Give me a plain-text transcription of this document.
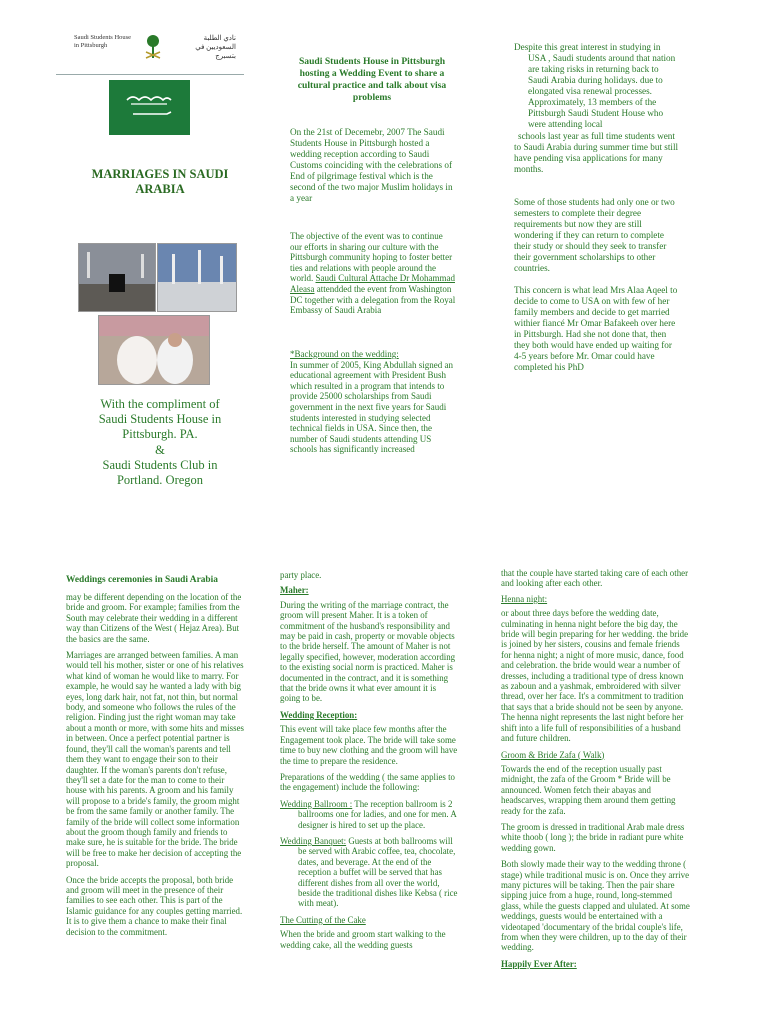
Saudi Students House in Pittsburgh
نادي الطلبة السعوديين في بتسبرج
MARRIAGES IN SAUDI ARABIA
With the compliment of
Saudi Students House in
Pittsburgh. PA.
&
Saudi Students Club in
Portland. Oregon
Saudi Students House in Pittsburgh hosting a Wedding Event to share a cultural practice and talk about visa problems
On the 21st of Decemebr, 2007 The Saudi Students House in Pittsburgh hosted a wedding reception according to Saudi Customs coinciding with the celebrations of End of pilgrimage festival which is the second of the two major Muslim holidays in a year
The objective of the event was to continue our efforts in sharing our culture with the Pittsburgh community hoping to foster better ties and relations with people around the world. Saudi Cultural Attache Dr Mohammad Aleasa attendded the event from Washington DC together with a delegation from the Royal Embassy of Saudi Arabia
*Background on the wedding:
In summer of 2005, King Abdullah signed an educational agreement with President Bush which resulted in a program that intends to provide 25000 scholarships from Saudi government in the next five years for Saudi students interested in studying selected technical fields in USA. Since then, the number of Saudi students attending US schools has significantly increased

Despite this great interest in studying in USA , Saudi students around that nation are taking risks in returning back to Saudi Arabia during holidays. due to elongated visa renewal processes. Approximately, 13 members of the Pittsburgh Saudi Student House who were attending local

schools last year as full time students went to Saudi Arabia during summer time but still have pending visa applications for many months.

Some of those students had only one or two semesters to complete their degree requirements but now they are still wondering if they can return to complete their study or should they seek to transfer their government scholarships to other countries.

This concern is what lead Mrs Alaa Aqeel to decide to come to USA on with few of her family members and decide to get married withier fiancé Mr Omar Bafakeeh over here in Pittsburgh. Had she not done that, then they both would have ended up waiting for 4-5 years before Mr. Omar could have completed his PhD

Weddings ceremonies in Saudi Arabia

may be different depending on the location of the bride and groom. For example; families from the South may celebrate their wedding in a different way than Citizens of the West ( Hejaz Area). But the basics are the same.

Marriages are arranged between families. A man would tell his mother, sister or one of his relatives what kind of woman he would like to marry. For example, he would say he wanted a lady with big eyes, long dark hair, not fat, not thin, but normal body, and someone who follows the rules of the religion. Finding just the right woman may take about a month or more, with some hits and misses in between. Once a perfect potential partner is found, they'll call the woman's parents and tell them they want to engage their son to their daughter. If the woman's parents don't refuse, they'll set a date for the man to come to their house with his parents. A groom and his family will propose to a bride's family, the groom might be from the same family or another family. The family of the bride will collect some information about the groom though family and friends to make sure, he is suitable for the bride. The bride will be free to make her decision of accepting the proposal.

Once the bride accepts the proposal, both bride and groom will meet in the presence of their families to see each other. This is part of the Islamic guidance for any couples getting married. It is to give them a chance to make their final decision to the commitment.

party place.
Maher:

During the writing of the marriage contract, the groom will present Maher. It is a token of commitment of the husband's responsibility and may be paid in cash, property or movable objects to the bride herself. The amount of Maher is not legally specified, however, moderation according to the existing social norm is practiced. Maher is documented in the contract, and it is something that the bride owns it what ever amount it is going to be.

Wedding Reception:

This event will take place few months after the Engagement took place. The bride will take some time to buy new clothing and the groom will have the time to prepare the residence.

Preparations of the wedding ( the same applies to the engagement) include the following:

Wedding Ballroom : The reception ballroom is 2 ballrooms one for ladies, and one for men. A designer is hired to set up the place.

Wedding Banquet: Guests at both ballrooms will be served with Arabic coffee, tea, chocolate, dates, and beverage. At the end of the reception a buffet will be served that has different dishes from all over the world, beside the traditional dishes like Kebsa ( rice with meat).

The Cutting of the Cake

When the bride and groom start walking to the wedding cake, all the wedding guests

that the couple have started taking care of each other and looking after each other.
Henna night:

or about three days before the wedding date, culminating in henna night before the big day, the bride will begin preparing for her wedding. the bride is joined by her sisters, cousins and female friends for henna night; a night of more music, dance, food and celebration. the bride would wear a number of dresses, including a traditional type of dress known as zaboun and a yashmak, embroidered with silver thread, over her face. It's a commitment to tradition that says that a bride should not be seen by anyone. The henna night represents the last night before her shift into a life full of responsibilities of a husband and future children.

Groom & Bride Zafa ( Walk)

Towards the end of the reception usually past midnight, the zafa of the Groom * Bride will be announced. Women fetch their abayas and headscarves, wrapping them around them getting ready for the zafa.

The groom is dressed in traditional Arab male dress white thoob ( long ); the bride in radiant pure white wedding gown.

Both slowly made their way to the wedding throne ( stage) while traditional music is on. Once they arrive many pictures will be taking. Then the pair share sipping juice from a huge, round, long-stemmed glass, while the guests clapped and ululated. At some weddings, guests would be entertained with a videotaped 'documentary of the bridal couple's life, from when they were children, up to the day of their wedding.

Happily Ever After:
